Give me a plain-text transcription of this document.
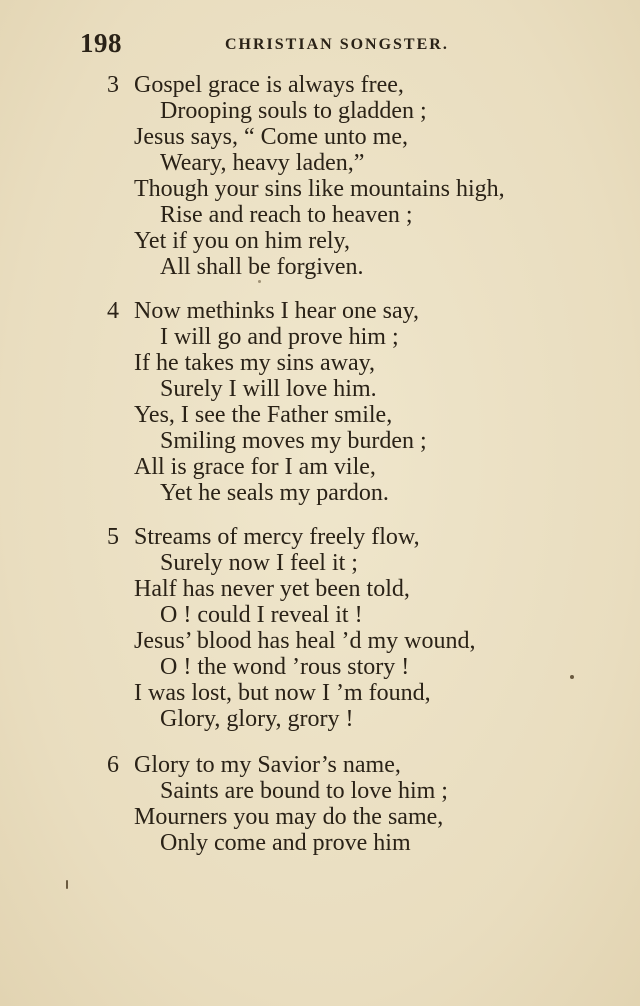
198	CHRISTIAN SONGSTER.
3 Gospel grace is always free,
Drooping souls to gladden ;
Jesus says, “ Come unto me,
Weary, heavy laden,”
Though your sins like mountains high,
Rise and reach to heaven ;
Yet if you on him rely,
All shall be forgiven.
4 Now methinks I hear one say,
I will go and prove him ;
If he takes my sins away,
Surely I will love him.
Yes, I see the Father smile,
Smiling moves my burden ;
All is grace for I am vile,
Yet he seals my pardon.
5 Streams of mercy freely flow,
Surely now I feel it ;
Half has never yet been told,
O ! could I reveal it !
Jesus’ blood has heal ’d my wound,
O ! the wond ’rous story !
I was lost, but now I ’m found,
Glory, glory, grory !
6 Glory to my Savior’s name,
Saints are bound to love him ;
Mourners you may do the same,
Only come and prove him
